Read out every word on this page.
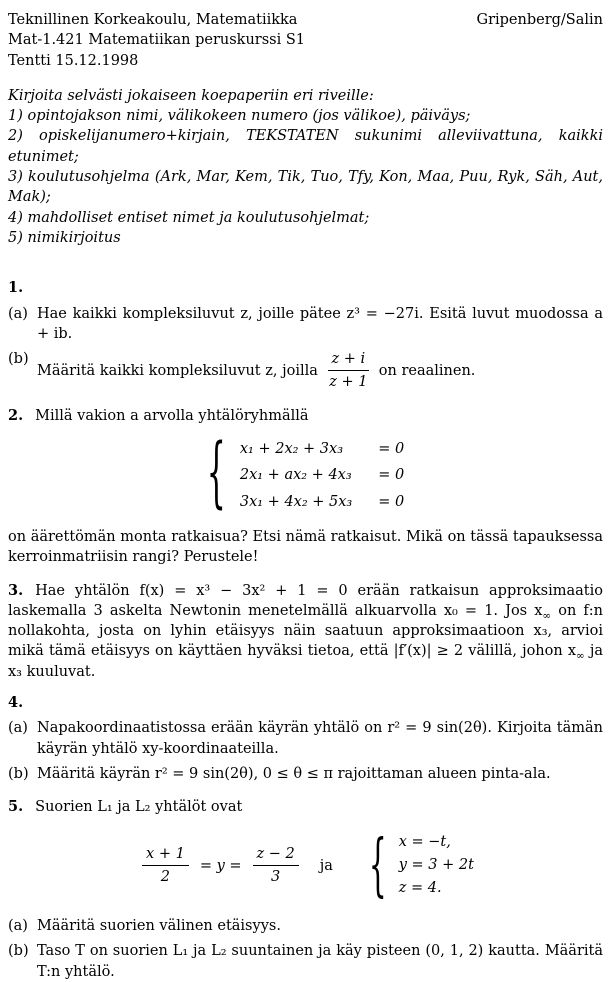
Teknillinen Korkeakoulu, Matematiikka	Gripenberg/Salin
Mat-1.421 Matematiikan peruskurssi S1
Tentti 15.12.1998

Kirjoita selvästi jokaiseen koepaperiin eri riveille:

1) opintojakson nimi, välikokeen numero (jos välikoe), päiväys;

2) opiskelijanumero+kirjain, TEKSTATEN sukunimi alleviivattuna, kaikki etunimet;

3) koulutusohjelma (Ark, Mar, Kem, Tik, Tuo, Tfy, Kon, Maa, Puu, Ryk, Säh, Aut, Mak);

4) mahdolliset entiset nimet ja koulutusohjelmat;

5) nimikirjoitus

1.
(a) Hae kaikki kompleksiluvut z, joille pätee z³ = −27i. Esitä luvut muodossa a + ib.
(b)
Määritä kaikki kompleksiluvut z, joilla $\frac{z + i}{z + 1}$ on reaalinen.

2. Millä vakion a arvolla yhtälöryhmällä

{ x₁ + 2x₂ + 3x₃	= 0
2x₁ + ax₂ + 4x₃ = 0
3x₁ + 4x₂ + 5x₃ = 0

on äärettömän monta ratkaisua? Etsi nämä ratkaisut. Mikä on tässä tapauksessa kerroinmatriisin rangi? Perustele!

3. Hae yhtälön f(x) = x³ − 3x² + 1 = 0 erään ratkaisun approksimaatio laskemalla 3 askelta Newtonin menetelmällä alkuarvolla x₀ = 1. Jos $x_\infty$ on f:n nollakohta, josta on lyhin etäisyys näin saatuun approksimaatioon x₃, arvioi mikä tämä etäisyys on käyttäen hyväksi tietoa, että |f′(x)| ≥ 2 välillä, johon $x_\infty$ ja x₃ kuuluvat.

4.
(a) Napakoordinaatistossa erään käyrän yhtälö on r² = 9 sin(2θ). Kirjoita tämän käyrän yhtälö xy-koordinaateilla.
(b) Määritä käyrän r² = 9 sin(2θ), 0 ≤ θ ≤ π rajoittaman alueen pinta-ala.

5. Suorien L₁ ja L₂ yhtälöt ovat

$\frac{x + 1}{2} = y = \frac{z - 2}{3}$ ja { x = −t,
y = 3 + 2t
z = 4.
(a) Määritä suorien välinen etäisyys.
(b) Taso T on suorien L₁ ja L₂ suuntainen ja käy pisteen (0, 1, 2) kautta. Määritä T:n yhtälö.
